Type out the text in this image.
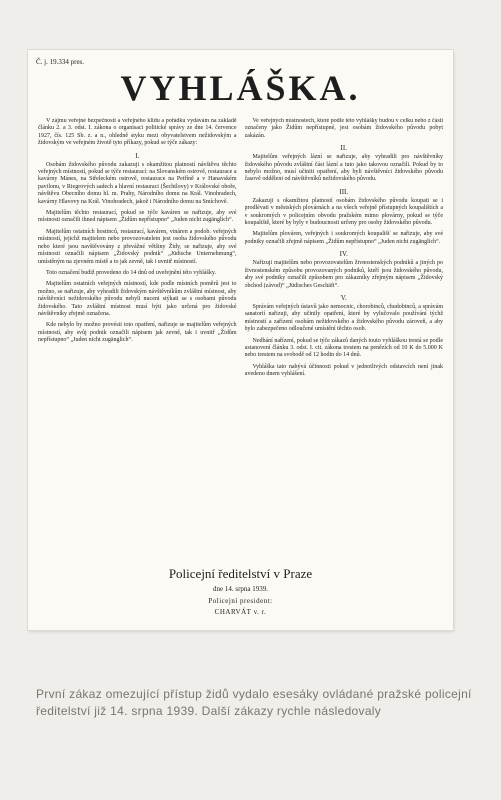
Č. j. 19.334 pres.
VYHLÁŠKA.

V zájmu veřejné bezpečnosti a veřejného klidu a pořádku vydávám na základě článku 2. a 3. odst. I. zákona o organisaci politické správy ze dne 14. července 1927, čís. 125 Sb. z. a n., ohledně styku mezi obyvatelstvem nežidovským a židovským ve veřejném životě tyto příkazy, pokud se týče zákazy:

I.

Osobám židovského původu zakazuji s okamžitou platností návštěvu těchto veřejných místností, pokud se týče restaurací: na Slovanském ostrově, restaurace a kavárny Mánes, na Střeleckém ostrově, restaurace na Petříně a v Hanavském pavilonu, v Riegrových sadech a hlavní restauraci (Šechtlovy) v Královské oboře, návštěvu Obecního domu hl. m. Prahy, Národního domu na Král. Vinohradech, kavárny Hlavovy na Král. Vinohradech, jakož i Národního domu na Smíchově.

Majitelům těchto restaurací, pokud se týče kaváren se nařizuje, aby své místnosti označili ihned nápisem „Židům nepřístupno“ „Juden nicht zugänglich“.

Majitelům ostatních hostinců, restaurací, kaváren, vináren a podob. veřejných místností, jejichž majitelem nebo provozovatelem jest osoba židovského původu nebo které jsou navštěvovány z převážné většiny Židy, se nařizuje, aby své místnosti označili nápisem „Židovský podnik“ „Jüdische Unternehmung“, umístěným na zjevném místě a to jak zevně, tak i uvnitř místností.

Toto označení budiž provedeno do 14 dnů od uveřejnění této vyhlášky.

Majitelům ostatních veřejných místností, kde podle místních poměrů jest to možno, se nařizuje, aby vyhradili židovským návštěvníkům zvláštní místnost, aby návštěvníci nežidovského původu nebyli nuceni stýkati se s osobami původu židovského. Tato zvláštní místnost musí býti jako určená pro židovské návštěvníky zřejmě označena.

Kde nebylo by možno provésti toto opatření, nařizuje se majitelům veřejných místností, aby svůj podnik označili nápisem jak zevně, tak i uvnitř „Židům nepřístupno“ „Juden nicht zugänglich“.

Ve veřejných místnostech, které podle této vyhlášky budou v celku nebo z části označeny jako Židům nepřístupné, jest osobám židovského původu pobyt zakázán.

II.

Majitelům veřejných lázní se nařizuje, aby vyhradili pro návštěvníky židovského původu zvláštní část lázní a tuto jako takovou označili. Pokud by to nebylo možno, musí učiniti opatření, aby byli návštěvníci židovského původu časově odděleni od návštěvníků nežidovského původu.

III.

Zakazuji s okamžitou platností osobám židovského původu koupati se i prodlévati v městských plovárnách a na všech veřejně přístupných koupalištích a v soukromých v policejním obvodu pražském mimo plovárny, pokud se týče koupaliště, které by byly v budoucnosti určeny pro osoby židovského původu.

Majitelům plováren, veřejných i soukromých koupališť se nařizuje, aby své podniky označili zřejmě nápisem „Židům nepřístupno“ „Juden nicht zugänglich“.

IV.

Nařizuji majitelům nebo provozovatelům živnostenských podniků a jiných po živnostenském způsobu provozovaných podniků, kteří jsou židovského původu, aby své podniky označili způsobem pro zákazníky zřejmým nápisem „Židovský obchod (závod)“ „Jüdisches Geschäft“.

V.

Správám veřejných ústavů jako nemocnic, chorobinců, chudobinců, a správám sanatorií nařizuji, aby učinily opatření, které by vylučovalo používání týchž místností a zařízení osobám nežidovského a židovského původu zároveň, a aby bylo zabezpečeno odloučené umístění těchto osob.

Nedbání nařízení, pokud se týče zákazů daných touto vyhláškou trestá se podle ustanovení článku 3. odst. I. cit. zákona trestem na penězích od 10 K do 5.000 K nebo trestem na svobodě od 12 hodin do 14 dnů.

Vyhláška tato nabývá účinnosti pokud v jednotlivých odstavcích není jinak uvedeno dnem vyhlášení.

Policejní ředitelství v Praze
dne 14. srpna 1939.
Policejní president:
CHARVÁT v. r.
První zákaz omezující přístup židů vydalo esesáky ovládané pražské policejní ředitelství již 14. srpna 1939. Další zákazy rychle následovaly
